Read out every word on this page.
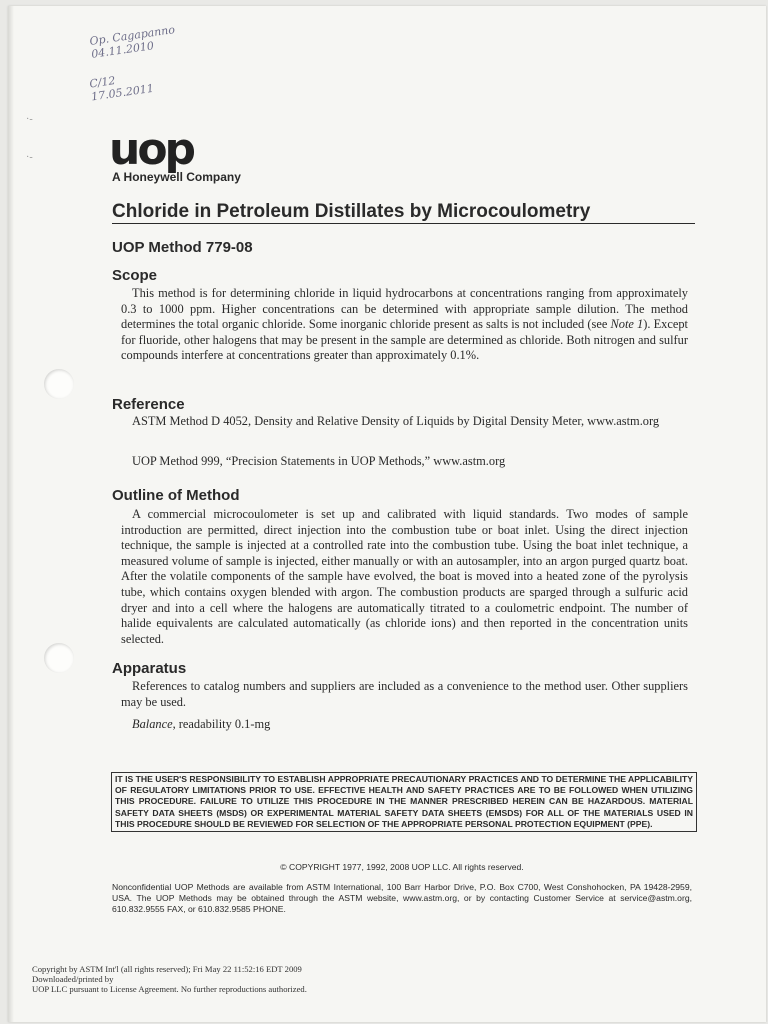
·-
·-
Op. Cagapanno 04.11.2010
C/12 17.05.2011
uop
A Honeywell Company
Chloride in Petroleum Distillates by Microcoulometry
UOP Method 779-08
Scope

This method is for determining chloride in liquid hydrocarbons at concentrations ranging from approximately 0.3 to 1000 ppm. Higher concentrations can be determined with appropriate sample dilution. The method determines the total organic chloride. Some inorganic chloride present as salts is not included (see Note 1). Except for fluoride, other halogens that may be present in the sample are determined as chloride. Both nitrogen and sulfur compounds interfere at concentrations greater than approximately 0.1%.

Reference

ASTM Method D 4052, Density and Relative Density of Liquids by Digital Density Meter, www.astm.org

UOP Method 999, “Precision Statements in UOP Methods,” www.astm.org

Outline of Method

A commercial microcoulometer is set up and calibrated with liquid standards. Two modes of sample introduction are permitted, direct injection into the combustion tube or boat inlet. Using the direct injection technique, the sample is injected at a controlled rate into the combustion tube. Using the boat inlet technique, a measured volume of sample is injected, either manually or with an autosampler, into an argon purged quartz boat. After the volatile components of the sample have evolved, the boat is moved into a heated zone of the pyrolysis tube, which contains oxygen blended with argon. The combustion products are sparged through a sulfuric acid dryer and into a cell where the halogens are automatically titrated to a coulometric endpoint. The number of halide equivalents are calculated automatically (as chloride ions) and then reported in the concentration units selected.

Apparatus

References to catalog numbers and suppliers are included as a convenience to the method user. Other suppliers may be used.

Balance, readability 0.1-mg

IT IS THE USER'S RESPONSIBILITY TO ESTABLISH APPROPRIATE PRECAUTIONARY PRACTICES AND TO DETERMINE THE APPLICABILITY OF REGULATORY LIMITATIONS PRIOR TO USE. EFFECTIVE HEALTH AND SAFETY PRACTICES ARE TO BE FOLLOWED WHEN UTILIZING THIS PROCEDURE. FAILURE TO UTILIZE THIS PROCEDURE IN THE MANNER PRESCRIBED HEREIN CAN BE HAZARDOUS. MATERIAL SAFETY DATA SHEETS (MSDS) OR EXPERIMENTAL MATERIAL SAFETY DATA SHEETS (EMSDS) FOR ALL OF THE MATERIALS USED IN THIS PROCEDURE SHOULD BE REVIEWED FOR SELECTION OF THE APPROPRIATE PERSONAL PROTECTION EQUIPMENT (PPE).
© COPYRIGHT 1977, 1992, 2008 UOP LLC. All rights reserved.
Nonconfidential UOP Methods are available from ASTM International, 100 Barr Harbor Drive, P.O. Box C700, West Conshohocken, PA 19428-2959, USA. The UOP Methods may be obtained through the ASTM website, www.astm.org, or by contacting Customer Service at service@astm.org, 610.832.9555 FAX, or 610.832.9585 PHONE.
Copyright by ASTM Int'l (all rights reserved); Fri May 22 11:52:16 EDT 2009
Downloaded/printed by
UOP LLC pursuant to License Agreement. No further reproductions authorized.
